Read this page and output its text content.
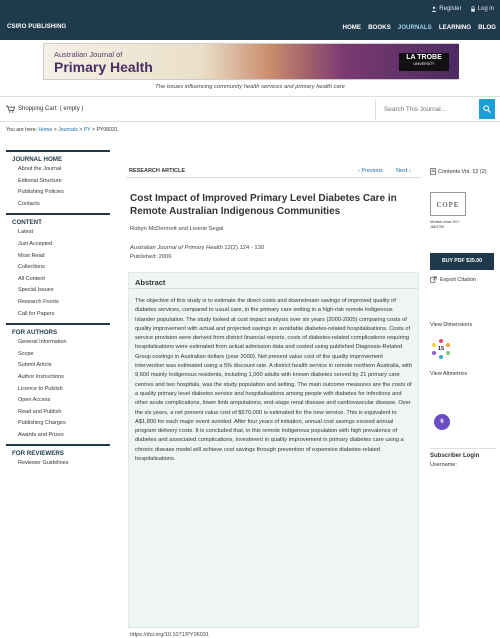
Register	Log in
CSIRO PUBLISHING	HOME BOOKS JOURNALS LEARNING BLOG
Australian Journal of
Primary Health
LA TROBE
UNIVERSITY
The issues influencing community health services and primary health care
Shopping Cart: ( empty )
Search This Journal...
You are here: Home > Journals > PY > PY06031
JOURNAL HOME
About the Journal
Editorial Structure
Publishing Policies
Contacts
CONTENT
Latest
Just Accepted
Most Read
Collections
All Content
Special Issues
Research Fronts
Call for Papers
FOR AUTHORS
General Information
Scope
Submit Article
Author Instructions
Licence to Publish
Open Access
Read and Publish
Publishing Charges
Awards and Prizes
FOR REVIEWERS
Reviewer Guidelines
RESEARCH ARTICLE	‹ Previous Next ›
Cost Impact of Improved Primary Level Diabetes Care in Remote Australian Indigenous Communities
Robyn McDermott and Leonie Segal
Australian Journal of Primary Health 12(2) 124 - 130
Published: 2006
Abstract

The objective of this study is to estimate the direct costs and downstream savings of improved quality of diabetes services, compared to usual care, in the primary care setting in a high-risk remote Indigenous Islander population. The study looked at cost impact analysis over six years (2000-2005) comparing costs of quality improvement with actual and projected savings in avoidable diabetes-related hospitalisations. Costs of service provision were derived from district financial reports, costs of diabetes-related complications requiring hospitalisations were estimated from actual admission data and costed using published Diagnosis-Related Group costings in Australian dollars (year 2000). Net present value cost of the quality improvement intervention was estimated using a 5% discount rate. A district health service in remote northern Australia, with 9,600 mainly Indigenous residents, including 1,000 adults with known diabetes served by 21 primary care centres and two hospitals, was the study population and setting. The main outcome measures are the costs of a quality primary level diabetes service and hospitalisations among people with diabetes for infections and other acute complications, lower limb amputations, end-stage renal disease and cardiovascular disease. Over the six years, a net present value cost of $570,000 is estimated for the new service. This is equivalent to A$1,800 for each major event avoided. After four years of initiation, annual cost savings exceed annual program delivery costs. It is concluded that, in this remote Indigenous population with high prevalence of diabetes and associated complications, investment in quality improvement in primary diabetes care using a chronic disease model will achieve cost savings through prevention of expensive diabetes-related hospitalisations.

https://doi.org/10.1071/PY06031
Contents Vol. 12 (2)
COPE
Member since 2017
JM13759
BUY PDF $35.00
Export Citation
View Dimensions
15
View Altmetrics
6
Subscriber Login
Username:
